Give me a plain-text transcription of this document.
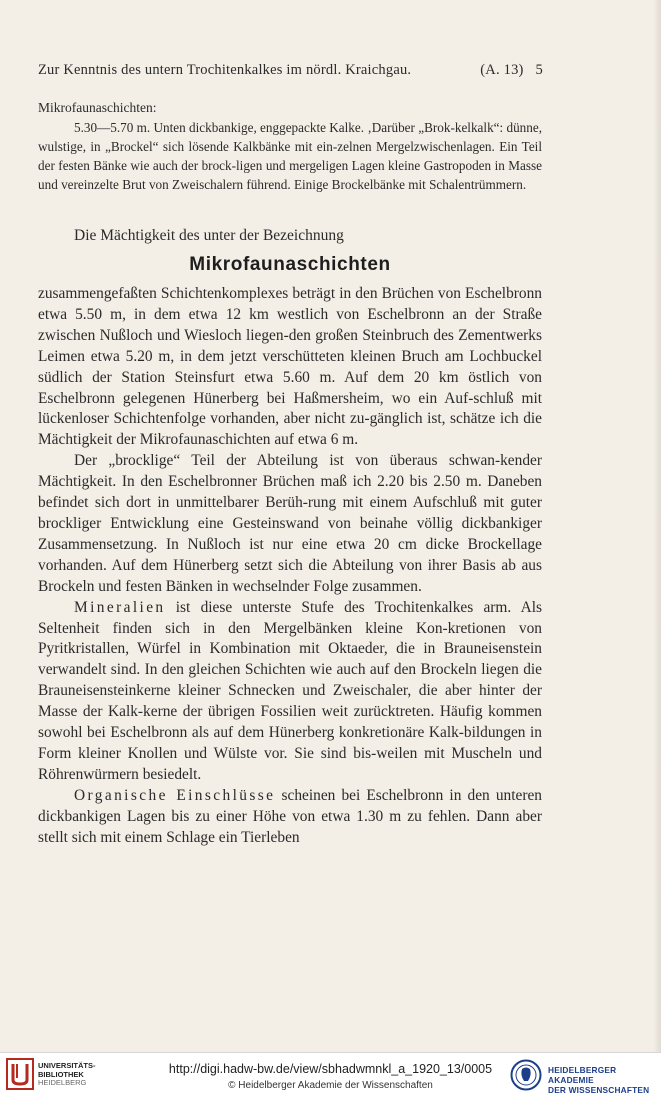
Zur Kenntnis des untern Trochitenkalkes im nördl. Kraichgau.	(A. 13) 5
Mikrofaunaschichten:
5.30—5.70 m. Unten dickbankige, enggepackte Kalke. ‚Darüber „Brok-kelkalk“: dünne, wulstige, in „Brockel“ sich lösende Kalkbänke mit ein-zelnen Mergelzwischenlagen. Ein Teil der festen Bänke wie auch der brock-ligen und mergeligen Lagen kleine Gastropoden in Masse und vereinzelte Brut von Zweischalern führend. Einige Brockelbänke mit Schalentrümmern.
Die Mächtigkeit des unter der Bezeichnung
Mikrofaunaschichten

zusammengefaßten Schichtenkomplexes beträgt in den Brüchen von Eschelbronn etwa 5.50 m, in dem etwa 12 km westlich von Eschelbronn an der Straße zwischen Nußloch und Wiesloch liegen-den großen Steinbruch des Zementwerks Leimen etwa 5.20 m, in dem jetzt verschütteten kleinen Bruch am Lochbuckel südlich der Station Steinsfurt etwa 5.60 m. Auf dem 20 km östlich von Eschelbronn gelegenen Hünerberg bei Haßmersheim, wo ein Auf-schluß mit lückenloser Schichtenfolge vorhanden, aber nicht zu-gänglich ist, schätze ich die Mächtigkeit der Mikrofaunaschichten auf etwa 6 m.

Der „brocklige“ Teil der Abteilung ist von überaus schwan-kender Mächtigkeit. In den Eschelbronner Brüchen maß ich 2.20 bis 2.50 m. Daneben befindet sich dort in unmittelbarer Berüh-rung mit einem Aufschluß mit guter brockliger Entwicklung eine Gesteinswand von beinahe völlig dickbankiger Zusammensetzung. In Nußloch ist nur eine etwa 20 cm dicke Brockellage vorhanden. Auf dem Hünerberg setzt sich die Abteilung von ihrer Basis ab aus Brockeln und festen Bänken in wechselnder Folge zusammen.

Mineralien ist diese unterste Stufe des Trochitenkalkes arm. Als Seltenheit finden sich in den Mergelbänken kleine Kon-kretionen von Pyritkristallen, Würfel in Kombination mit Oktaeder, die in Brauneisenstein verwandelt sind. In den gleichen Schichten wie auch auf den Brockeln liegen die Brauneisensteinkerne kleiner Schnecken und Zweischaler, die aber hinter der Masse der Kalk-kerne der übrigen Fossilien weit zurücktreten. Häufig kommen sowohl bei Eschelbronn als auf dem Hünerberg konkretionäre Kalk-bildungen in Form kleiner Knollen und Wülste vor. Sie sind bis-weilen mit Muscheln und Röhrenwürmern besiedelt.

Organische Einschlüsse scheinen bei Eschelbronn in den unteren dickbankigen Lagen bis zu einer Höhe von etwa 1.30 m zu fehlen. Dann aber stellt sich mit einem Schlage ein Tierleben

UNIVERSITÄTS-
BIBLIOTHEK
HEIDELBERG
http://digi.hadw-bw.de/view/sbhadwmnkl_a_1920_13/0005
© Heidelberger Akademie der Wissenschaften
HEIDELBERGER AKADEMIE
DER WISSENSCHAFTEN
